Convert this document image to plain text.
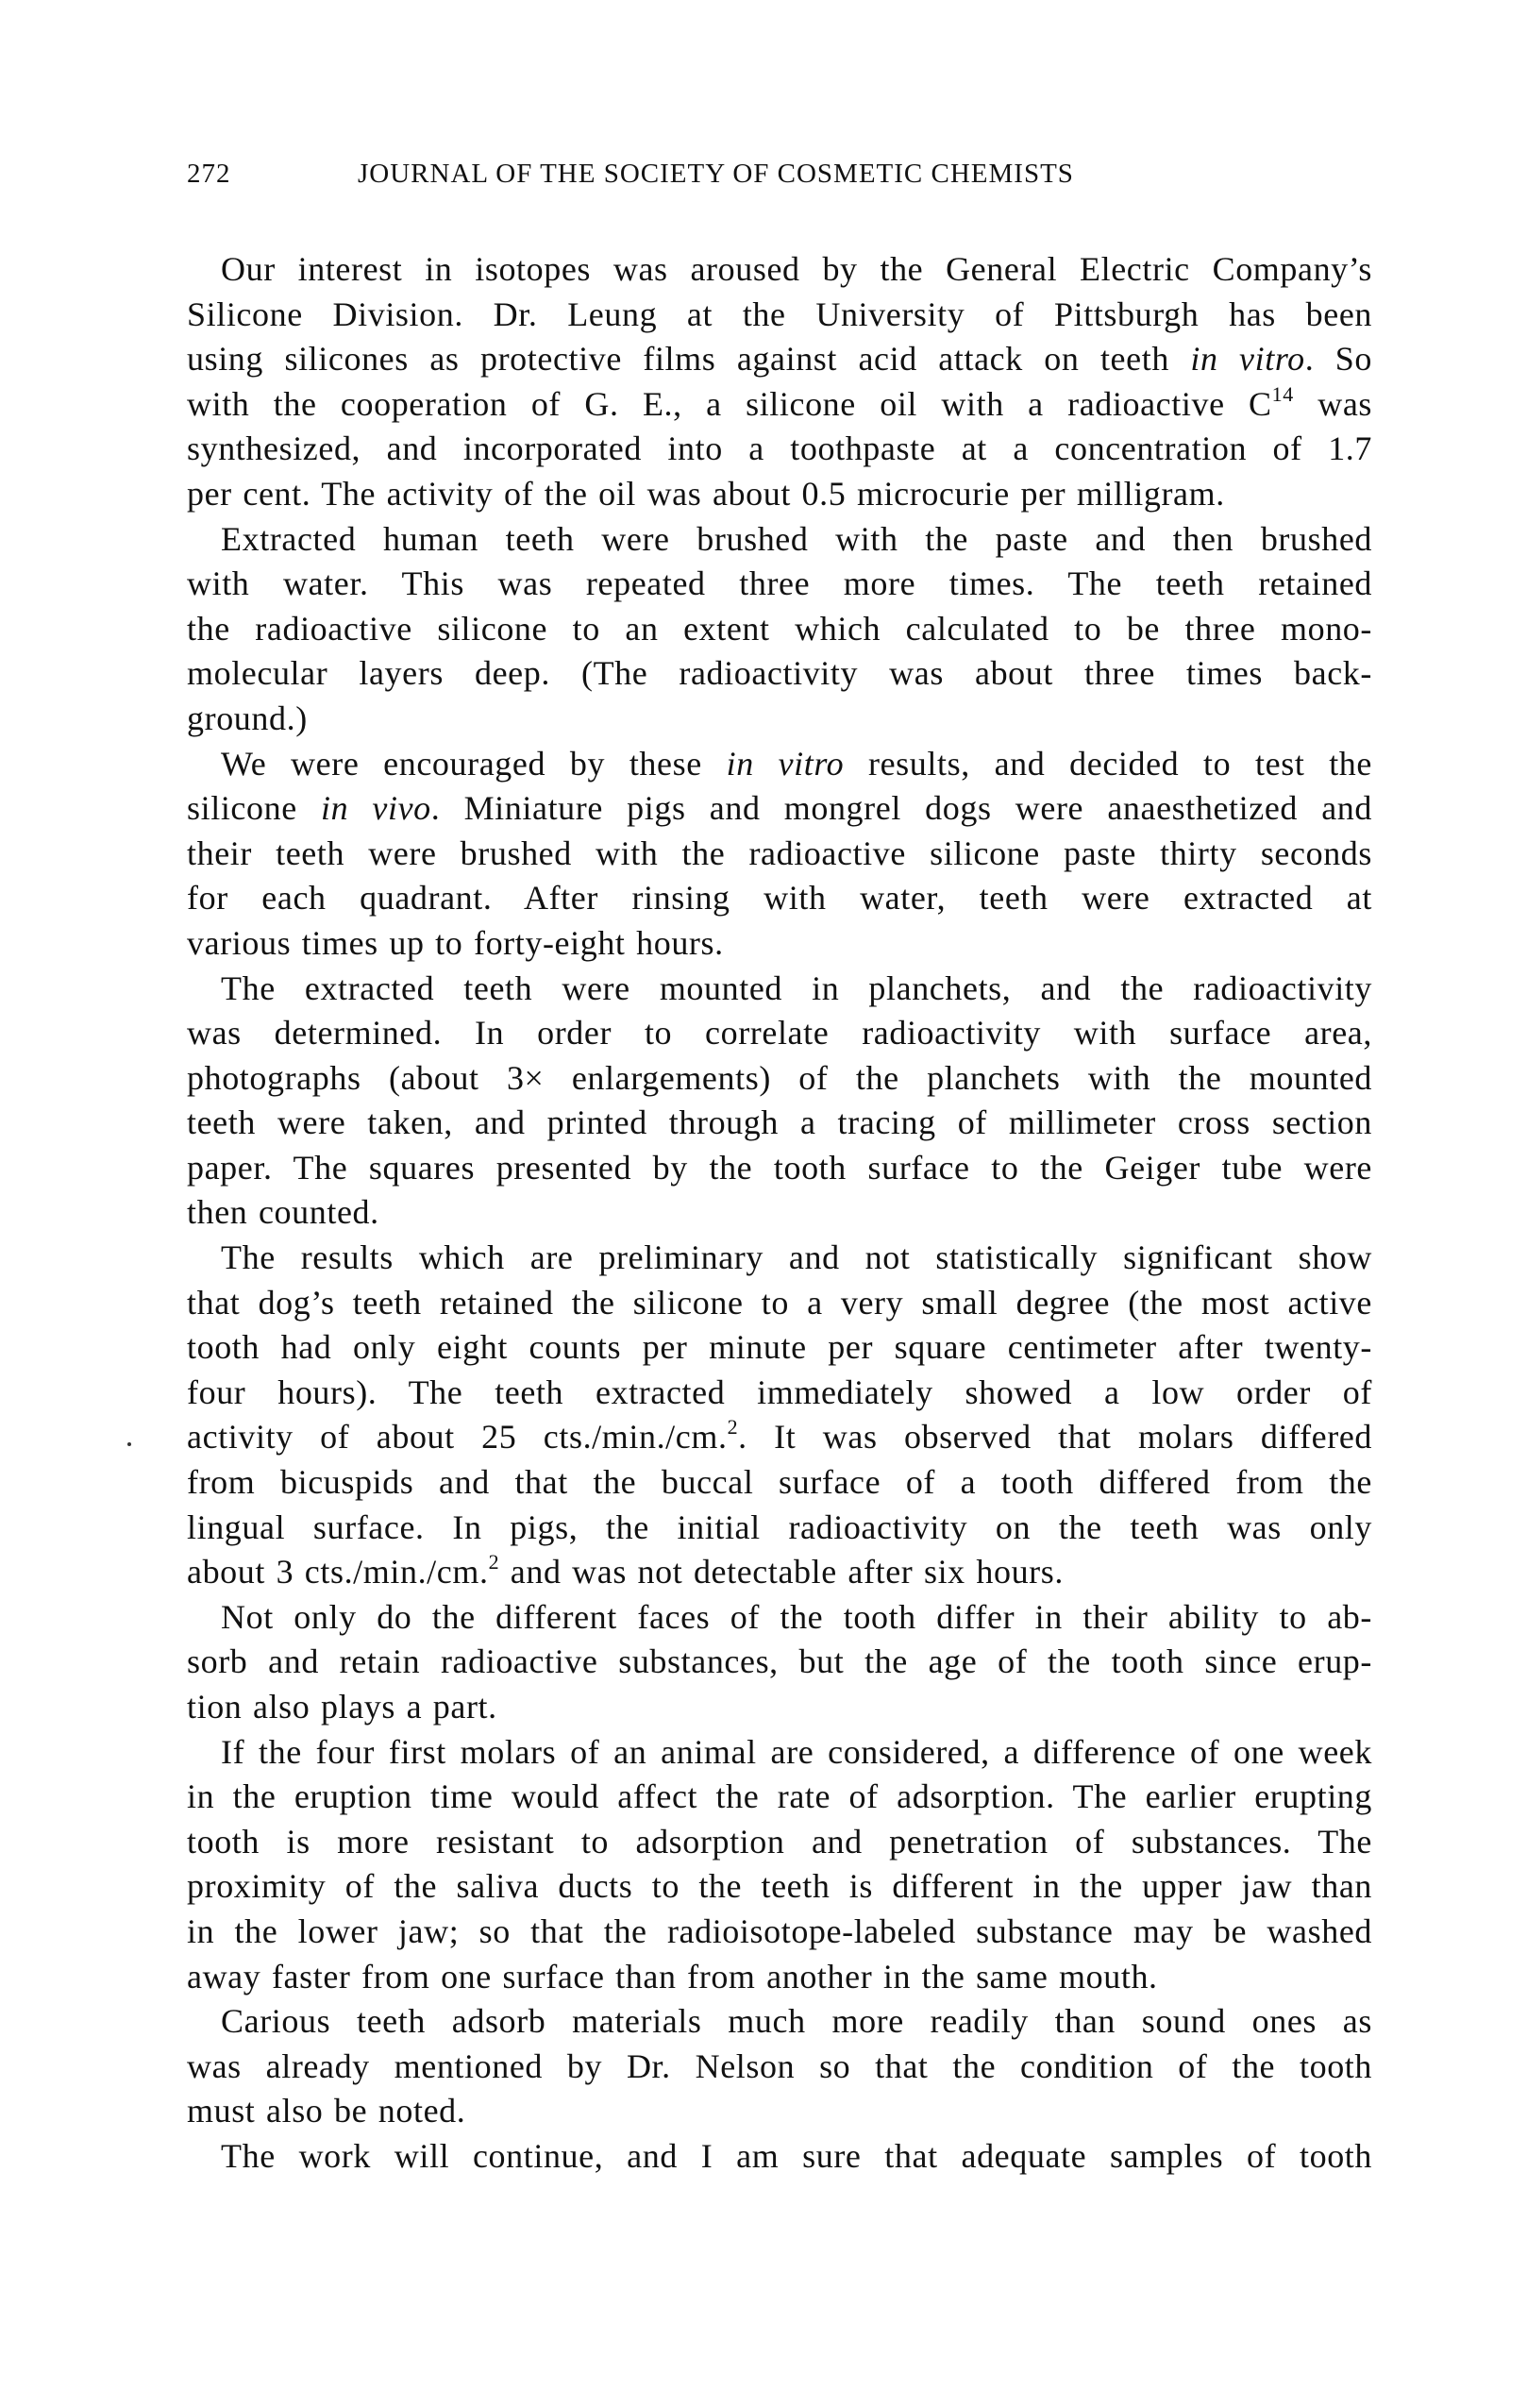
272	JOURNAL OF THE SOCIETY OF COSMETIC CHEMISTS
Our interest in isotopes was aroused by the General Electric Company’s
Silicone Division. Dr. Leung at the University of Pittsburgh has been
using silicones as protective films against acid attack on teeth in vitro. So
with the cooperation of G. E., a silicone oil with a radioactive $C^{14}$ was
synthesized, and incorporated into a toothpaste at a concentration of 1.7
per cent. The activity of the oil was about 0.5 microcurie per milligram.
Extracted human teeth were brushed with the paste and then brushed
with water. This was repeated three more times. The teeth retained
the radioactive silicone to an extent which calculated to be three mono-
molecular layers deep. (The radioactivity was about three times back-
ground.)
We were encouraged by these in vitro results, and decided to test the
silicone in vivo. Miniature pigs and mongrel dogs were anaesthetized and
their teeth were brushed with the radioactive silicone paste thirty seconds
for each quadrant. After rinsing with water, teeth were extracted at
various times up to forty-eight hours.
The extracted teeth were mounted in planchets, and the radioactivity
was determined. In order to correlate radioactivity with surface area,
photographs (about 3× enlargements) of the planchets with the mounted
teeth were taken, and printed through a tracing of millimeter cross section
paper. The squares presented by the tooth surface to the Geiger tube were
then counted.
The results which are preliminary and not statistically significant show
that dog’s teeth retained the silicone to a very small degree (the most active
tooth had only eight counts per minute per square centimeter after twenty-
four hours). The teeth extracted immediately showed a low order of
activity of about 25 cts./min./cm.$^2$. It was observed that molars differed
from bicuspids and that the buccal surface of a tooth differed from the
lingual surface. In pigs, the initial radioactivity on the teeth was only
about 3 cts./min./cm.$^2$ and was not detectable after six hours.
Not only do the different faces of the tooth differ in their ability to ab-
sorb and retain radioactive substances, but the age of the tooth since erup-
tion also plays a part.
If the four first molars of an animal are considered, a difference of one week
in the eruption time would affect the rate of adsorption. The earlier erupting
tooth is more resistant to adsorption and penetration of substances. The
proximity of the saliva ducts to the teeth is different in the upper jaw than
in the lower jaw; so that the radioisotope-labeled substance may be washed
away faster from one surface than from another in the same mouth.
Carious teeth adsorb materials much more readily than sound ones as
was already mentioned by Dr. Nelson so that the condition of the tooth
must also be noted.
The work will continue, and I am sure that adequate samples of tooth
